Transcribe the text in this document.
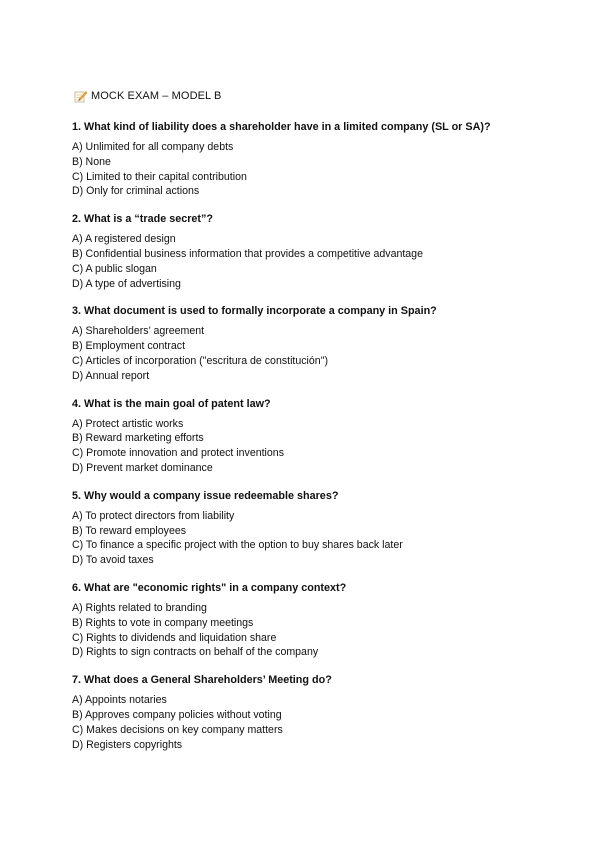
MOCK EXAM – MODEL B
1. What kind of liability does a shareholder have in a limited company (SL or SA)?
A) Unlimited for all company debts
B) None
C) Limited to their capital contribution
D) Only for criminal actions
2. What is a “trade secret”?
A) A registered design
B) Confidential business information that provides a competitive advantage
C) A public slogan
D) A type of advertising
3. What document is used to formally incorporate a company in Spain?
A) Shareholders’ agreement
B) Employment contract
C) Articles of incorporation ("escritura de constitución")
D) Annual report
4. What is the main goal of patent law?
A) Protect artistic works
B) Reward marketing efforts
C) Promote innovation and protect inventions
D) Prevent market dominance
5. Why would a company issue redeemable shares?
A) To protect directors from liability
B) To reward employees
C) To finance a specific project with the option to buy shares back later
D) To avoid taxes
6. What are "economic rights" in a company context?
A) Rights related to branding
B) Rights to vote in company meetings
C) Rights to dividends and liquidation share
D) Rights to sign contracts on behalf of the company
7. What does a General Shareholders’ Meeting do?
A) Appoints notaries
B) Approves company policies without voting
C) Makes decisions on key company matters
D) Registers copyrights
